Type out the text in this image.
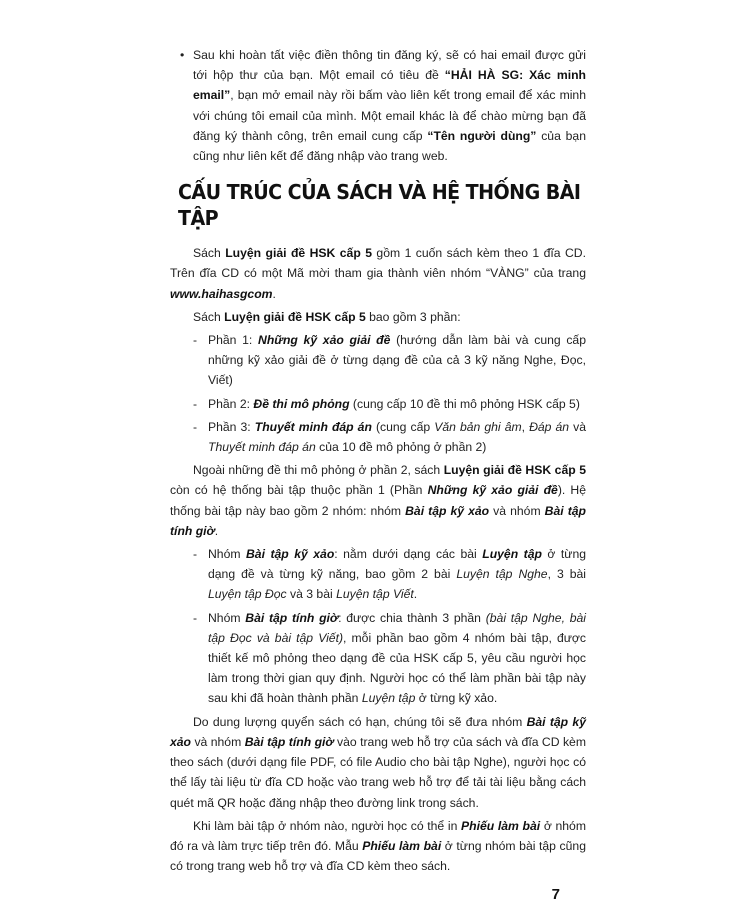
• Sau khi hoàn tất việc điền thông tin đăng ký, sẽ có hai email được gửi tới hộp thư của bạn. Một email có tiêu đề “HẢI HÀ SG: Xác minh email”, bạn mở email này rồi bấm vào liên kết trong email để xác minh với chúng tôi email của mình. Một email khác là để chào mừng bạn đã đăng ký thành công, trên email cung cấp “Tên người dùng” của bạn cũng như liên kết để đăng nhập vào trang web.
CẤU TRÚC CỦA SÁCH VÀ HỆ THỐNG BÀI TẬP

Sách Luyện giải đề HSK cấp 5 gồm 1 cuốn sách kèm theo 1 đĩa CD. Trên đĩa CD có một Mã mời tham gia thành viên nhóm “VÀNG” của trang www.haihasgcom.

Sách Luyện giải đề HSK cấp 5 bao gồm 3 phần:

- Phần 1: Những kỹ xảo giải đề (hướng dẫn làm bài và cung cấp những kỹ xảo giải đề ở từng dạng đề của cả 3 kỹ năng Nghe, Đọc, Viết)
- Phần 2: Đề thi mô phỏng (cung cấp 10 đề thi mô phỏng HSK cấp 5)
- Phần 3: Thuyết minh đáp án (cung cấp Văn bản ghi âm, Đáp án và Thuyết minh đáp án của 10 đề mô phỏng ở phần 2)

Ngoài những đề thi mô phỏng ở phần 2, sách Luyện giải đề HSK cấp 5 còn có hệ thống bài tập thuộc phần 1 (Phần Những kỹ xảo giải đề). Hệ thống bài tập này bao gồm 2 nhóm: nhóm Bài tập kỹ xảo và nhóm Bài tập tính giờ.

- Nhóm Bài tập kỹ xảo: nằm dưới dạng các bài Luyện tập ở từng dạng đề và từng kỹ năng, bao gồm 2 bài Luyện tập Nghe, 3 bài Luyện tập Đọc và 3 bài Luyện tập Viết.
- Nhóm Bài tập tính giờ: được chia thành 3 phần (bài tập Nghe, bài tập Đọc và bài tập Viết), mỗi phần bao gồm 4 nhóm bài tập, được thiết kế mô phỏng theo dạng đề của HSK cấp 5, yêu cầu người học làm trong thời gian quy định. Người học có thể làm phần bài tập này sau khi đã hoàn thành phần Luyện tập ở từng kỹ xảo.

Do dung lượng quyển sách có hạn, chúng tôi sẽ đưa nhóm Bài tập kỹ xảo và nhóm Bài tập tính giờ vào trang web hỗ trợ của sách và đĩa CD kèm theo sách (dưới dạng file PDF, có file Audio cho bài tập Nghe), người học có thể lấy tài liệu từ đĩa CD hoặc vào trang web hỗ trợ để tải tài liệu bằng cách quét mã QR hoặc đăng nhập theo đường link trong sách.

Khi làm bài tập ở nhóm nào, người học có thể in Phiếu làm bài ở nhóm đó ra và làm trực tiếp trên đó. Mẫu Phiếu làm bài ở từng nhóm bài tập cũng có trong trang web hỗ trợ và đĩa CD kèm theo sách.

7
